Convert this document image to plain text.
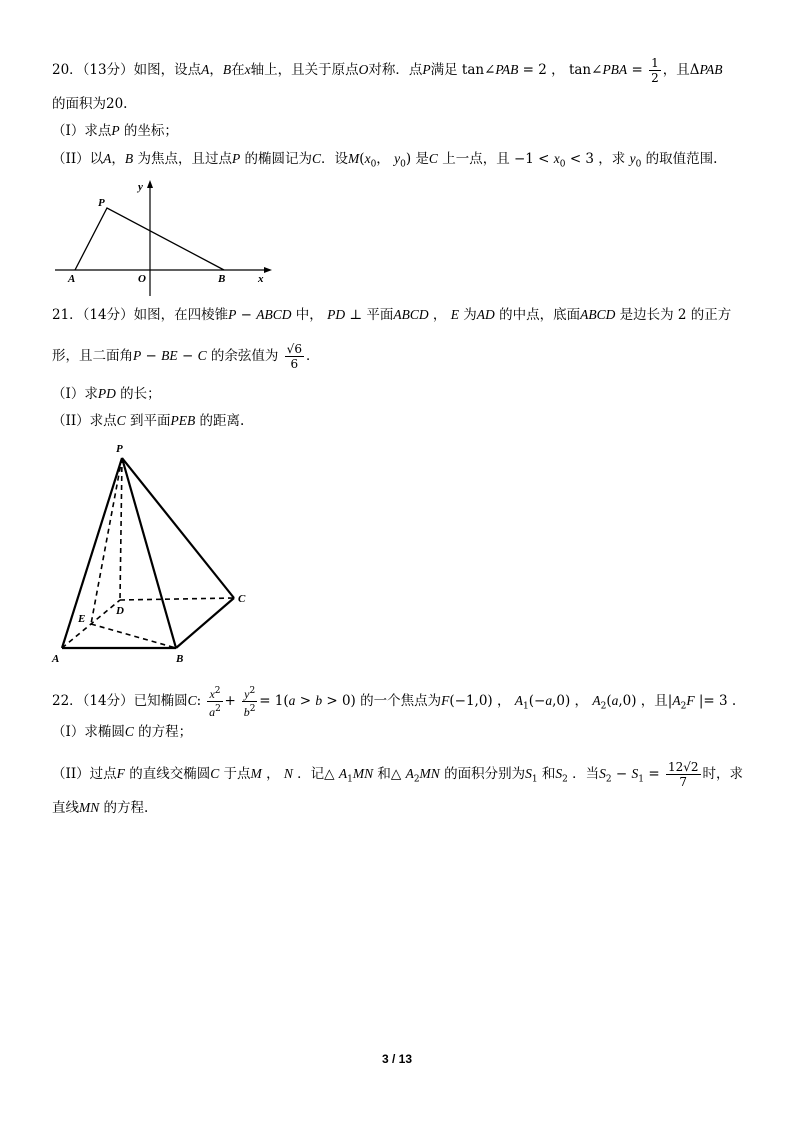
20．（13分）如图，设点A，B在x轴上，且关于原点O对称．点P满足 tan∠PAB = 2 ， tan∠PBA = $\frac{1}{2}$ ，且ΔPAB
的面积为20.
（I）求点P 的坐标；
（II）以A，B 为焦点，且过点P 的椭圆记为C．设$M(x_0$， $y_0$) 是C 上一点，且 $-1 < x_0 < 3$ ，求 $y_0$ 的取值范围.
P
A	O	B	x
y
21．（14分）如图，在四棱锥P − ABCD 中， PD ⊥ 平面ABCD ， E 为AD 的中点，底面ABCD 是边长为 2 的正方
形，且二面角P − BE − C 的余弦值为 $\frac{√6}{6}$ ．
（I）求PD 的长；
（II）求点C 到平面PEB 的距离.
P
C
D
E
A	B
22．（14分）已知椭圆C: $\frac{x^2}{a^2} + \frac{y^2}{b^2} = 1(a > b > 0)$ 的一个焦点为F(−1,0) ， $A_1(-a,0)$ ， $A_2(a,0)$ ，且$|A_2F$ |= 3 .
（I）求椭圆C 的方程；
（II）过点F 的直线交椭圆C 于点M ， N ．记△ $A_1MN$ 和△ $A_2MN$ 的面积分别为$S_1$ 和$S_2$ ．当$S_2 - S_1 = \frac{12√2}{7}$ 时，求
直线MN 的方程.
3 / 13
